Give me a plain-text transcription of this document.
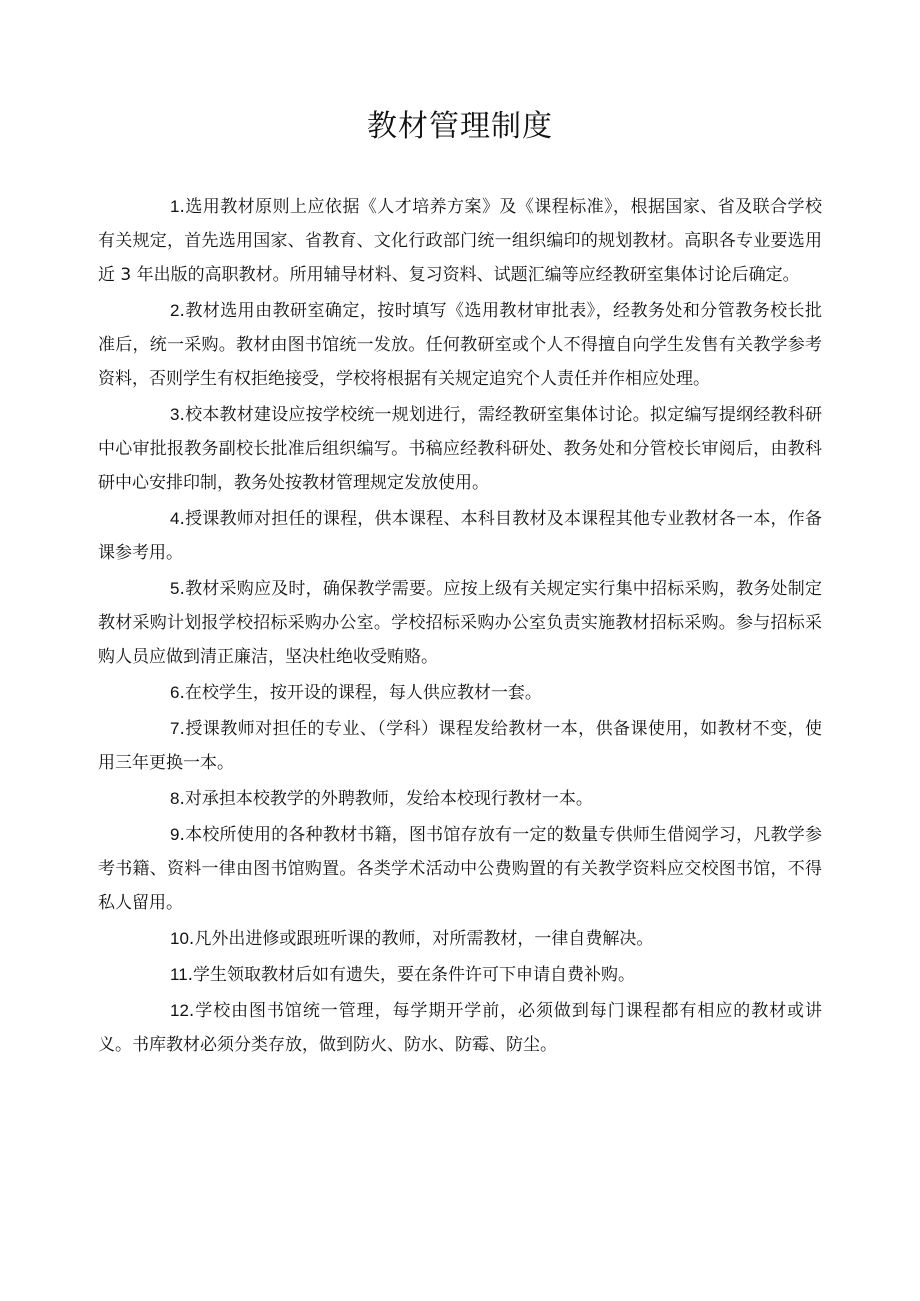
教材管理制度

1.选用教材原则上应依据《人才培养方案》及《课程标准》，根据国家、省及联合学校有关规定，首先选用国家、省教育、文化行政部门统一组织编印的规划教材。高职各专业要选用近 3 年出版的高职教材。所用辅导材料、复习资料、试题汇编等应经教研室集体讨论后确定。

2.教材选用由教研室确定，按时填写《选用教材审批表》，经教务处和分管教务校长批准后，统一采购。教材由图书馆统一发放。任何教研室或个人不得擅自向学生发售有关教学参考资料，否则学生有权拒绝接受，学校将根据有关规定追究个人责任并作相应处理。

3.校本教材建设应按学校统一规划进行，需经教研室集体讨论。拟定编写提纲经教科研中心审批报教务副校长批准后组织编写。书稿应经教科研处、教务处和分管校长审阅后，由教科研中心安排印制，教务处按教材管理规定发放使用。

4.授课教师对担任的课程，供本课程、本科目教材及本课程其他专业教材各一本，作备课参考用。

5.教材采购应及时，确保教学需要。应按上级有关规定实行集中招标采购，教务处制定教材采购计划报学校招标采购办公室。学校招标采购办公室负责实施教材招标采购。参与招标采购人员应做到清正廉洁，坚决杜绝收受贿赂。

6.在校学生，按开设的课程，每人供应教材一套。

7.授课教师对担任的专业、（学科）课程发给教材一本，供备课使用，如教材不变，使用三年更换一本。

8.对承担本校教学的外聘教师，发给本校现行教材一本。

9.本校所使用的各种教材书籍，图书馆存放有一定的数量专供师生借阅学习，凡教学参考书籍、资料一律由图书馆购置。各类学术活动中公费购置的有关教学资料应交校图书馆，不得私人留用。

10.凡外出进修或跟班听课的教师，对所需教材，一律自费解决。

11.学生领取教材后如有遗失，要在条件许可下申请自费补购。

12.学校由图书馆统一管理，每学期开学前，必须做到每门课程都有相应的教材或讲义。书库教材必须分类存放，做到防火、防水、防霉、防尘。
